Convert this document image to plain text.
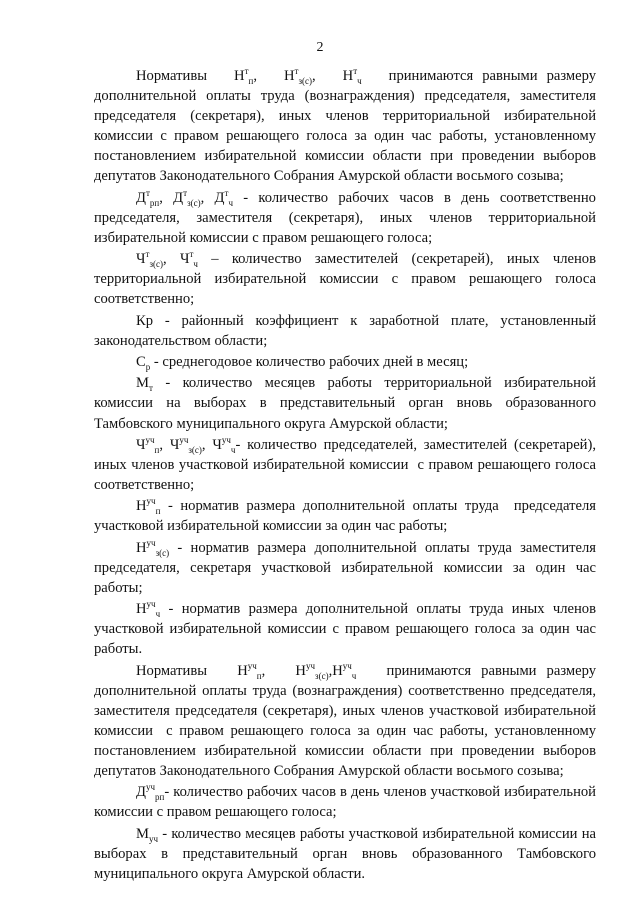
2

Нормативы   $Н^т_п$,   $Н^т_{з(с)}$,   $Н^т_ч$   принимаются равными размеру дополнительной оплаты труда (вознаграждения) председателя, заместителя председателя (секретаря), иных членов территориальной избирательной комиссии с правом решающего голоса за один час работы, установленному постановлением избирательной комиссии области при проведении выборов депутатов Законодательного Собрания Амурской области восьмого созыва;

$Д^т_{рп}$, $Д^т_{з(с)}$, $Д^т_ч$ - количество рабочих часов в день соответственно председателя, заместителя (секретаря), иных членов территориальной избирательной комиссии с правом решающего голоса;

$Ч^т_{з(с)}$, $Ч^т_ч$ – количество заместителей (секретарей), иных членов территориальной избирательной комиссии с правом решающего голоса соответственно;

Кр - районный коэффициент к заработной плате, установленный законодательством области;

$С_р$ - среднегодовое количество рабочих дней в месяц;

$М_т$ - количество месяцев работы территориальной избирательной комиссии на выборах в представительный орган вновь образованного Тамбовского муниципального округа Амурской области;

$Ч^{уч}_п$, $Ч^{уч}_{з(с)}$, $Ч^{уч}_ч-$ количество председателей, заместителей (секретарей), иных членов участковой избирательной комиссии  с правом решающего голоса соответственно;

$Н^{уч}_п$ - норматив размера дополнительной оплаты труда  председателя участковой избирательной комиссии за один час работы;

$Н^{уч}_{з(с)}$ - норматив размера дополнительной оплаты труда заместителя председателя, секретаря участковой избирательной комиссии за один час работы;

$Н^{уч}_ч$ - норматив размера дополнительной оплаты труда иных членов участковой избирательной комиссии с правом решающего голоса за один час работы.

Нормативы   $Н^{уч}_п$,   $Н^{уч}_{з(с)},Н^{уч}_ч$   принимаются равными размеру дополнительной оплаты труда (вознаграждения) соответственно председателя, заместителя председателя (секретаря), иных членов участковой избирательной комиссии  с правом решающего голоса за один час работы, установленному постановлением избирательной комиссии области при проведении выборов депутатов Законодательного Собрания Амурской области восьмого созыва;

$Д^{уч}_{рп}-$ количество рабочих часов в день членов участковой избирательной комиссии с правом решающего голоса;

$М_{уч}$ - количество месяцев работы участковой избирательной комиссии на выборах в представительный орган вновь образованного Тамбовского муниципального округа Амурской области.
